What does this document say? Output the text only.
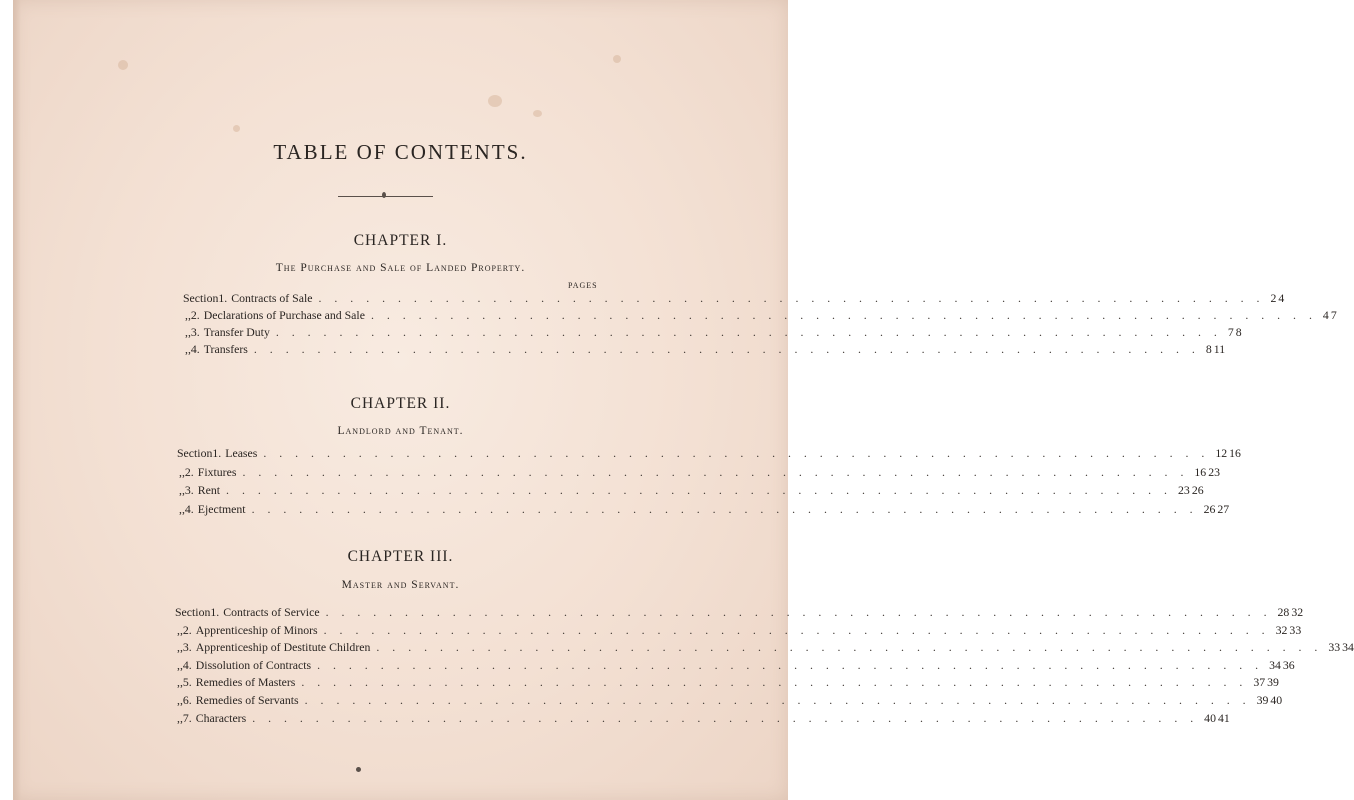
TABLE OF CONTENTS.
CHAPTER I.
The Purchase and Sale of Landed Property.
PAGES
Section 1. Contracts of Sale . . . . . . . . . . . . . . . . . . . . . . . . . . . . . . . . . . . . . . . . . . . . . . . . . . . . . . . . . . . . 2 4
,, 2. Declarations of Purchase and Sale . . . . . . . . . . . . . . . . . . . . . . . . . . . . . . . . . . . . . . . . . . . . . . . . . . . . . . . . . . . . 4 7
,, 3. Transfer Duty . . . . . . . . . . . . . . . . . . . . . . . . . . . . . . . . . . . . . . . . . . . . . . . . . . . . . . . . . . . . 7 8
,, 4. Transfers . . . . . . . . . . . . . . . . . . . . . . . . . . . . . . . . . . . . . . . . . . . . . . . . . . . . . . . . . . . . 8 11
CHAPTER II.
Landlord and Tenant.
Section 1. Leases . . . . . . . . . . . . . . . . . . . . . . . . . . . . . . . . . . . . . . . . . . . . . . . . . . . . . . . . . . . . 12 16
,, 2. Fixtures . . . . . . . . . . . . . . . . . . . . . . . . . . . . . . . . . . . . . . . . . . . . . . . . . . . . . . . . . . . . 16 23
,, 3. Rent . . . . . . . . . . . . . . . . . . . . . . . . . . . . . . . . . . . . . . . . . . . . . . . . . . . . . . . . . . . . 23 26
,, 4. Ejectment . . . . . . . . . . . . . . . . . . . . . . . . . . . . . . . . . . . . . . . . . . . . . . . . . . . . . . . . . . . . 26 27
CHAPTER III.
Master and Servant.
Section 1. Contracts of Service . . . . . . . . . . . . . . . . . . . . . . . . . . . . . . . . . . . . . . . . . . . . . . . . . . . . . . . . . . . . 28 32
,, 2. Apprenticeship of Minors . . . . . . . . . . . . . . . . . . . . . . . . . . . . . . . . . . . . . . . . . . . . . . . . . . . . . . . . . . . . 32 33
,, 3. Apprenticeship of Destitute Children . . . . . . . . . . . . . . . . . . . . . . . . . . . . . . . . . . . . . . . . . . . . . . . . . . . . . . . . . . . . 33 34
,, 4. Dissolution of Contracts . . . . . . . . . . . . . . . . . . . . . . . . . . . . . . . . . . . . . . . . . . . . . . . . . . . . . . . . . . . . 34 36
,, 5. Remedies of Masters . . . . . . . . . . . . . . . . . . . . . . . . . . . . . . . . . . . . . . . . . . . . . . . . . . . . . . . . . . . . 37 39
,, 6. Remedies of Servants . . . . . . . . . . . . . . . . . . . . . . . . . . . . . . . . . . . . . . . . . . . . . . . . . . . . . . . . . . . . 39 40
,, 7. Characters . . . . . . . . . . . . . . . . . . . . . . . . . . . . . . . . . . . . . . . . . . . . . . . . . . . . . . . . . . . . 40 41
